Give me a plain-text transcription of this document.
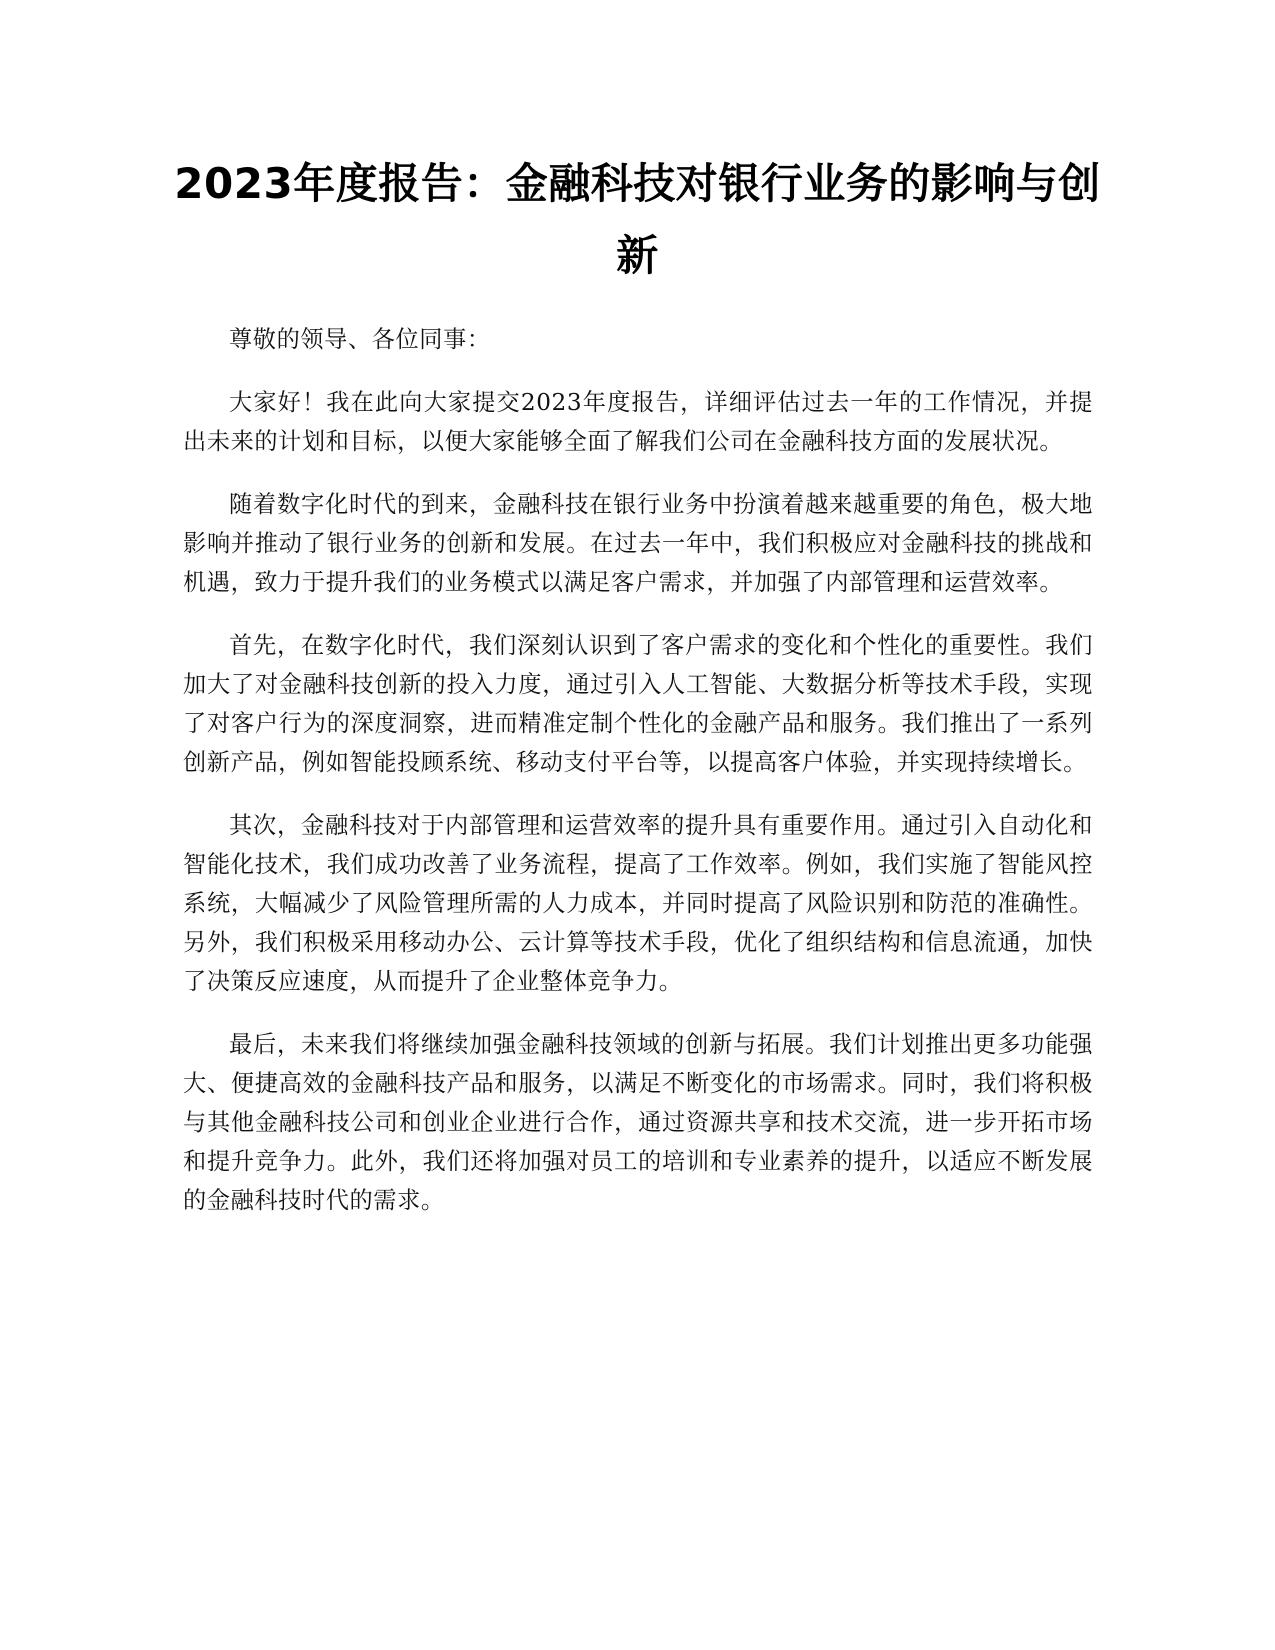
2023年度报告：金融科技对银行业务的影响与创新

尊敬的领导、各位同事：

大家好！我在此向大家提交2023年度报告，详细评估过去一年的工作情况，并提出未来的计划和目标，以便大家能够全面了解我们公司在金融科技方面的发展状况。

随着数字化时代的到来，金融科技在银行业务中扮演着越来越重要的角色，极大地影响并推动了银行业务的创新和发展。在过去一年中，我们积极应对金融科技的挑战和机遇，致力于提升我们的业务模式以满足客户需求，并加强了内部管理和运营效率。

首先，在数字化时代，我们深刻认识到了客户需求的变化和个性化的重要性。我们加大了对金融科技创新的投入力度，通过引入人工智能、大数据分析等技术手段，实现了对客户行为的深度洞察，进而精准定制个性化的金融产品和服务。我们推出了一系列创新产品，例如智能投顾系统、移动支付平台等，以提高客户体验，并实现持续增长。

其次，金融科技对于内部管理和运营效率的提升具有重要作用。通过引入自动化和智能化技术，我们成功改善了业务流程，提高了工作效率。例如，我们实施了智能风控系统，大幅减少了风险管理所需的人力成本，并同时提高了风险识别和防范的准确性。另外，我们积极采用移动办公、云计算等技术手段，优化了组织结构和信息流通，加快了决策反应速度，从而提升了企业整体竞争力。

最后，未来我们将继续加强金融科技领域的创新与拓展。我们计划推出更多功能强大、便捷高效的金融科技产品和服务，以满足不断变化的市场需求。同时，我们将积极与其他金融科技公司和创业企业进行合作，通过资源共享和技术交流，进一步开拓市场和提升竞争力。此外，我们还将加强对员工的培训和专业素养的提升，以适应不断发展的金融科技时代的需求。
